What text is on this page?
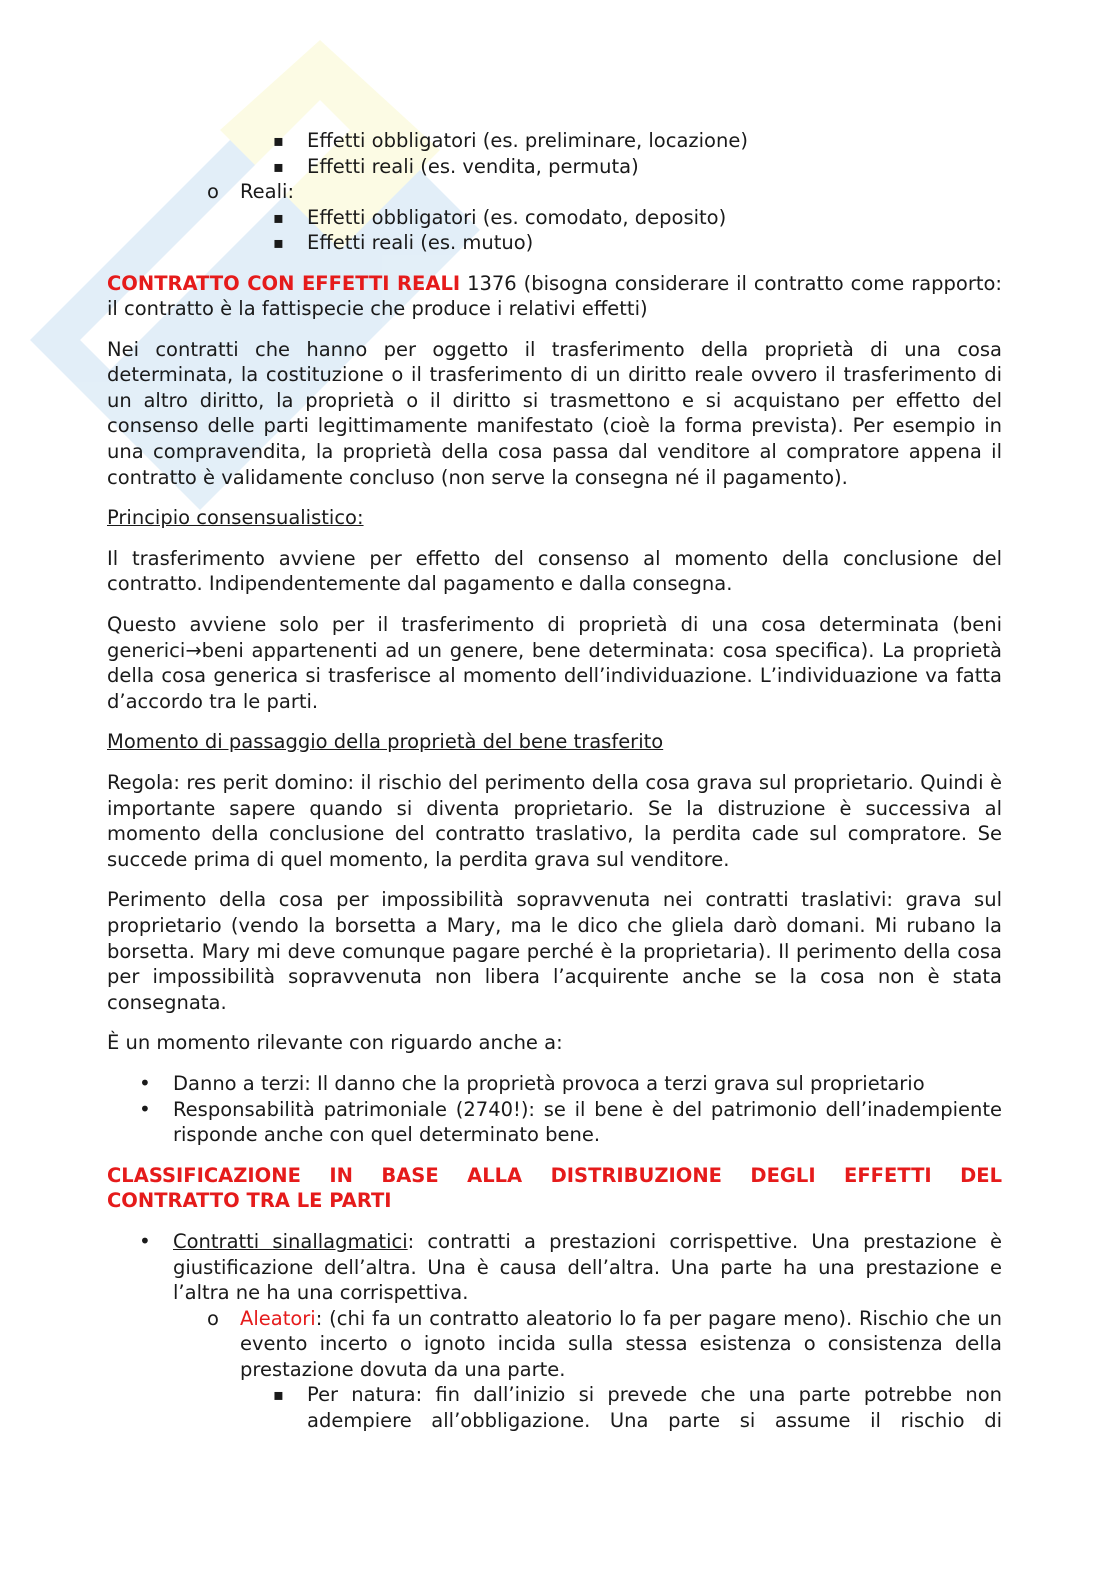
▪ Effetti obbligatori (es. preliminare, locazione)
▪ Effetti reali (es. vendita, permuta)
o Reali:
▪ Effetti obbligatori (es. comodato, deposito)
▪ Effetti reali (es. mutuo)

CONTRATTO CON EFFETTI REALI 1376 (bisogna considerare il contratto come rapporto: il contratto è la fattispecie che produce i relativi effetti)

Nei contratti che hanno per oggetto il trasferimento della proprietà di una cosa determinata, la costituzione o il trasferimento di un diritto reale ovvero il trasferimento di un altro diritto, la proprietà o il diritto si trasmettono e si acquistano per effetto del consenso delle parti legittimamente manifestato (cioè la forma prevista). Per esempio in una compravendita, la proprietà della cosa passa dal venditore al compratore appena il contratto è validamente concluso (non serve la consegna né il pagamento).

Principio consensualistico:

Il trasferimento avviene per effetto del consenso al momento della conclusione del contratto. Indipendentemente dal pagamento e dalla consegna.

Questo avviene solo per il trasferimento di proprietà di una cosa determinata (beni generici→beni appartenenti ad un genere, bene determinata: cosa specifica). La proprietà della cosa generica si trasferisce al momento dell’individuazione. L’individuazione va fatta d’accordo tra le parti.

Momento di passaggio della proprietà del bene trasferito

Regola: res perit domino: il rischio del perimento della cosa grava sul proprietario. Quindi è importante sapere quando si diventa proprietario. Se la distruzione è successiva al momento della conclusione del contratto traslativo, la perdita cade sul compratore. Se succede prima di quel momento, la perdita grava sul venditore.

Perimento della cosa per impossibilità sopravvenuta nei contratti traslativi: grava sul proprietario (vendo la borsetta a Mary, ma le dico che gliela darò domani. Mi rubano la borsetta. Mary mi deve comunque pagare perché è la proprietaria). Il perimento della cosa per impossibilità sopravvenuta non libera l’acquirente anche se la cosa non è stata consegnata.

È un momento rilevante con riguardo anche a:

• Danno a terzi: Il danno che la proprietà provoca a terzi grava sul proprietario
• Responsabilità patrimoniale (2740!): se il bene è del patrimonio dell’inadempiente risponde anche con quel determinato bene.
CLASSIFICAZIONE IN BASE ALLA DISTRIBUZIONE DEGLI EFFETTI DEL
CONTRATTO TRA LE PARTI
• Contratti sinallagmatici: contratti a prestazioni corrispettive. Una prestazione è giustificazione dell’altra. Una è causa dell’altra. Una parte ha una prestazione e l’altra ne ha una corrispettiva.
o Aleatori: (chi fa un contratto aleatorio lo fa per pagare meno). Rischio che un evento incerto o ignoto incida sulla stessa esistenza o consistenza della prestazione dovuta da una parte.
▪ Per natura: fin dall’inizio si prevede che una parte potrebbe non adempiere all’obbligazione. Una parte si assume il rischio di
